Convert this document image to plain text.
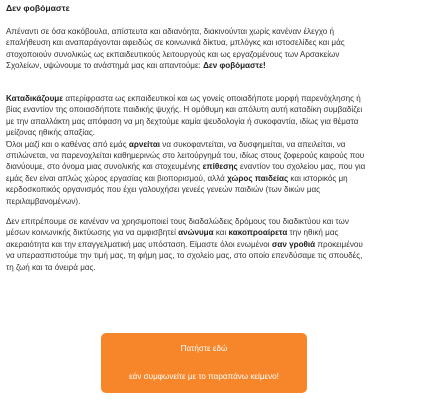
Δεν φοβόμαστε
Απέναντι σε όσα κακόβουλα, απίστευτα και αδιανόητα, διακινούνται χωρίς κανέναν έλεγχο ή
επαλήθευση και αναπαράγονται αφειδώς σε κοινωνικά δίκτυα, μπλόγκς και ιστοσελίδες και μάς
στοχοποιούν συνολικώς ως εκπαιδευτικούς λειτουργούς και ως εργαζομένους των Αρσακείων
Σχολείων, υψώνουμε το ανάστημά μας και απαντούμε: Δεν φοβόμαστε!
Καταδικάζουμε απερίφραστα ως εκπαιδευτικοί και ως γονείς οποιαδήποτε μορφή παρενόχλησης ή
βίας εναντίον της οποιασδήποτε παιδικής ψυχής. Η ομόθυμη και απόλυτη αυτή καταδίκη συμβαδίζει
με την απαλλάκτη μας απόφαση να μη δεχτούμε καμία ψευδολογία ή συκοφαντία, ιδίως για θέματα
μείζονας ηθικής απαξίας.
Όλοι μαζί και ο καθένας από εμάς αρνείται να συκοφαντείται, να δυσφημείται, να απειλείται, να
σπιλώνεται, να παρενοχλείται καθημερινώς στο λειτούργημά του, ιδίως στους ζοφερούς καιρούς που
διανύουμε, στο όνομα μιας συνολικής και στοχευμένης επίθεσης εναντίον του σχολείου μας, που για
εμάς δεν είναι απλώς χώρος εργασίας και βιοπορισμού, αλλά χώρος παιδείας και ιστορικός μη
κερδοσκοπικός οργανισμός που έχει γαλουχήσει γενεές γενεών παιδιών (των δικών μας
περιλαμβανομένων).
Δεν επιτρέπουμε σε κανέναν να χρησιμοποιεί τους διαδαλώδεις δρόμους του διαδικτύου και των
μέσων κοινωνικής δικτύωσης για να αμφισβητεί ανώνυμα και κακοπροαίρετα την ηθική μας
ακεραιότητα και την επαγγελματική μας υπόσταση. Είμαστε όλοι ενωμένοι σαν γροθιά προκειμένου
να υπερασπιστούμε την τιμή μας, τη φήμη μας, το σχολείο μας, στο οποίο επενδύσαμε τις σπουδές,
τη ζωή και τα όνειρά μας.
Πατήστε εδώ
εάν συμφωνείτε με το παραπάνω κείμενο!
